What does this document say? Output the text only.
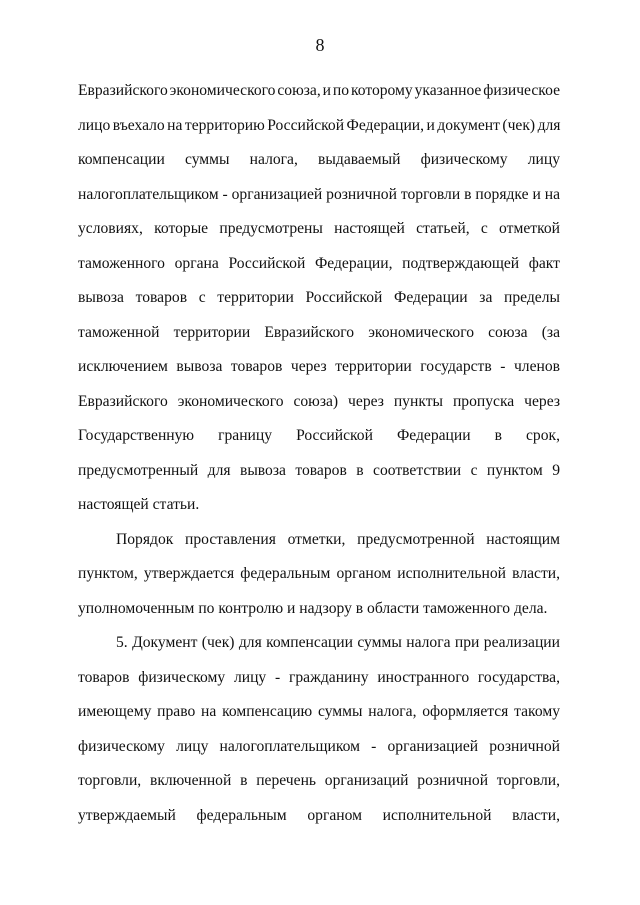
8
Евразийского экономического союза, и по которому указанное физическое
лицо въехало на территорию Российской Федерации, и документ (чек) для
компенсации суммы налога, выдаваемый физическому лицу
налогоплательщиком - организацией розничной торговли в порядке и на
условиях, которые предусмотрены настоящей статьей, с отметкой
таможенного органа Российской Федерации, подтверждающей факт
вывоза товаров с территории Российской Федерации за пределы
таможенной территории Евразийского экономического союза (за
исключением вывоза товаров через территории государств - членов
Евразийского экономического союза) через пункты пропуска через
Государственную границу Российской Федерации в срок,
предусмотренный для вывоза товаров в соответствии с пунктом 9
настоящей статьи.
Порядок проставления отметки, предусмотренной настоящим
пунктом, утверждается федеральным органом исполнительной власти,
уполномоченным по контролю и надзору в области таможенного дела.
5. Документ (чек) для компенсации суммы налога при реализации
товаров физическому лицу - гражданину иностранного государства,
имеющему право на компенсацию суммы налога, оформляется такому
физическому лицу налогоплательщиком - организацией розничной
торговли, включенной в перечень организаций розничной торговли,
утверждаемый федеральным органом исполнительной власти,
